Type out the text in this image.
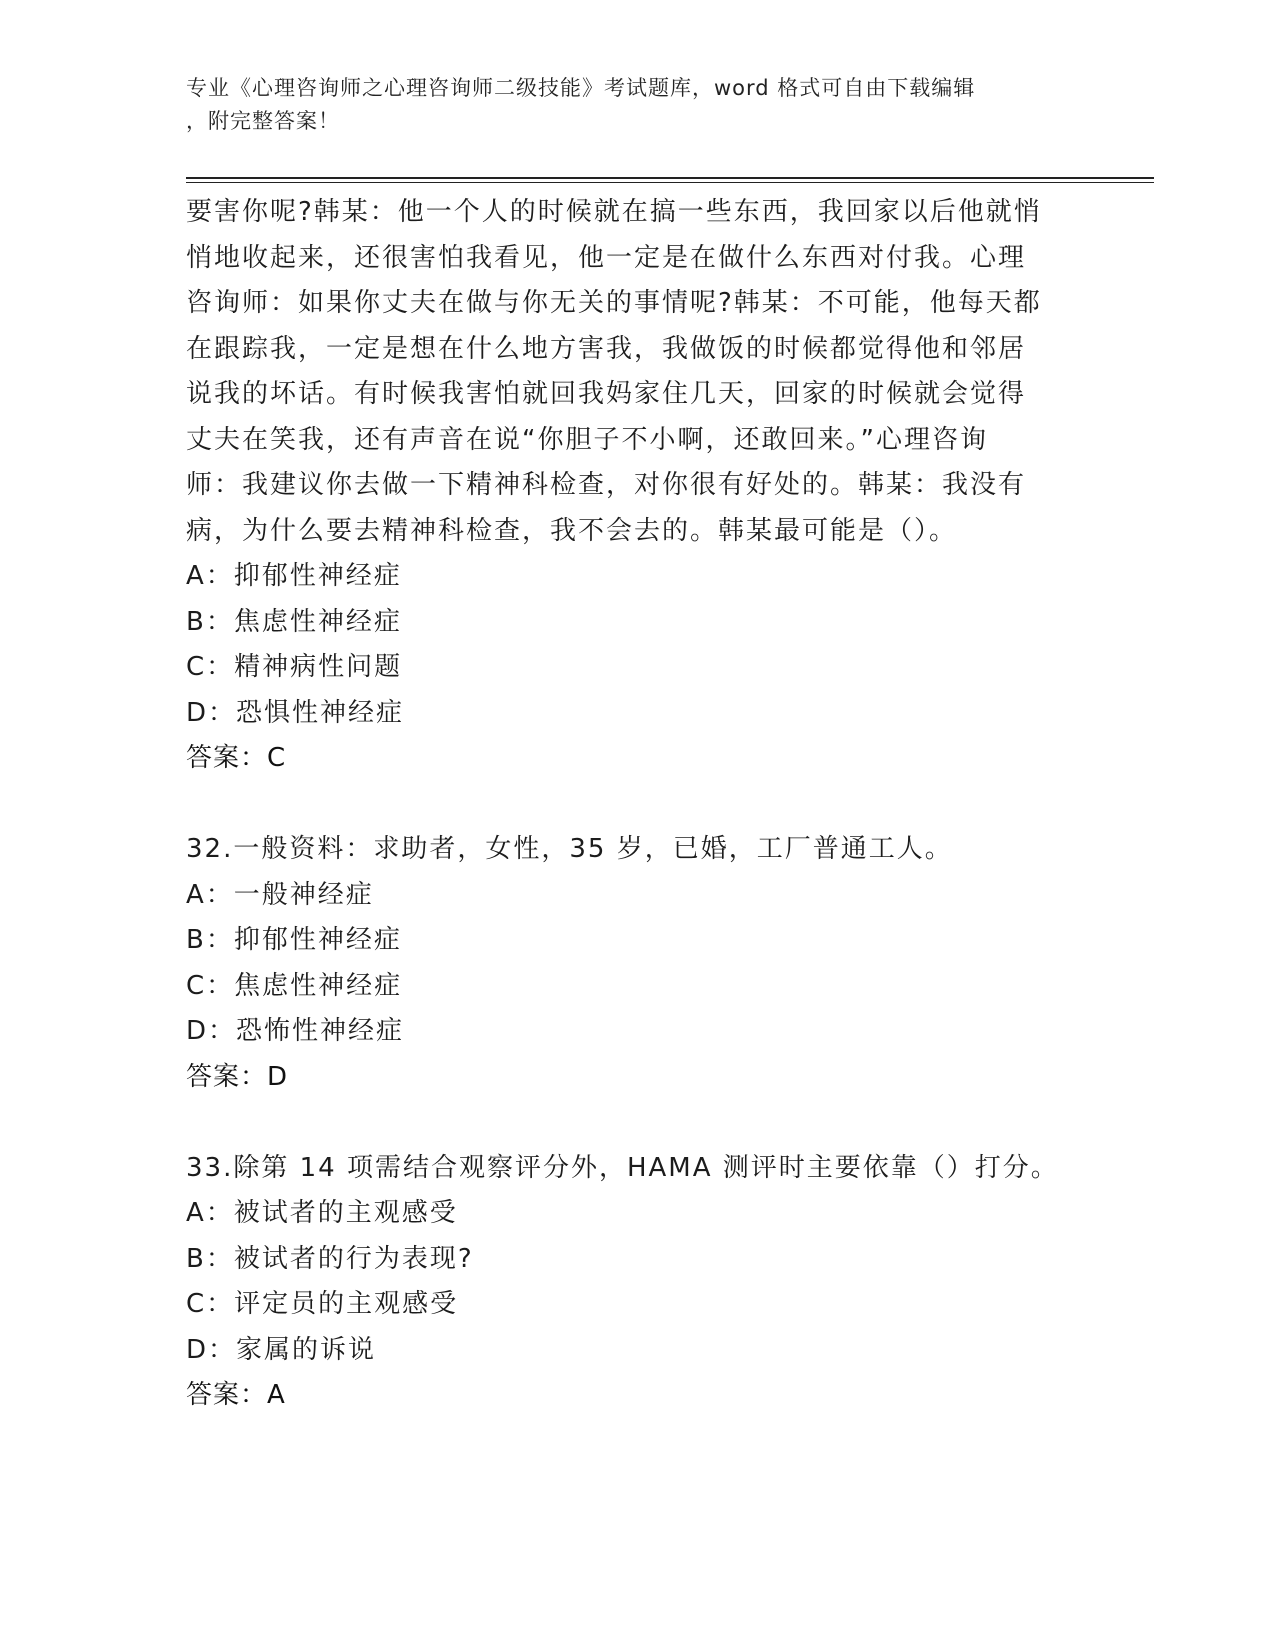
专业《心理咨询师之心理咨询师二级技能》考试题库，word 格式可自由下载编辑
，附完整答案！
要害你呢?韩某：他一个人的时候就在搞一些东西，我回家以后他就悄
悄地收起来，还很害怕我看见，他一定是在做什么东西对付我。心理
咨询师：如果你丈夫在做与你无关的事情呢?韩某：不可能，他每天都
在跟踪我，一定是想在什么地方害我，我做饭的时候都觉得他和邻居
说我的坏话。有时候我害怕就回我妈家住几天，回家的时候就会觉得
丈夫在笑我，还有声音在说“你胆子不小啊，还敢回来。”心理咨询
师：我建议你去做一下精神科检查，对你很有好处的。韩某：我没有
病，为什么要去精神科检查，我不会去的。韩某最可能是（）。
A：抑郁性神经症
B：焦虑性神经症
C：精神病性问题
D：恐惧性神经症
答案：C
32.一般资料：求助者，女性，35 岁，已婚，工厂普通工人。
A：一般神经症
B：抑郁性神经症
C：焦虑性神经症
D：恐怖性神经症
答案：D
33.除第 14 项需结合观察评分外，HAMA 测评时主要依靠（）打分。
A：被试者的主观感受
B：被试者的行为表现?
C：评定员的主观感受
D：家属的诉说
答案：A
